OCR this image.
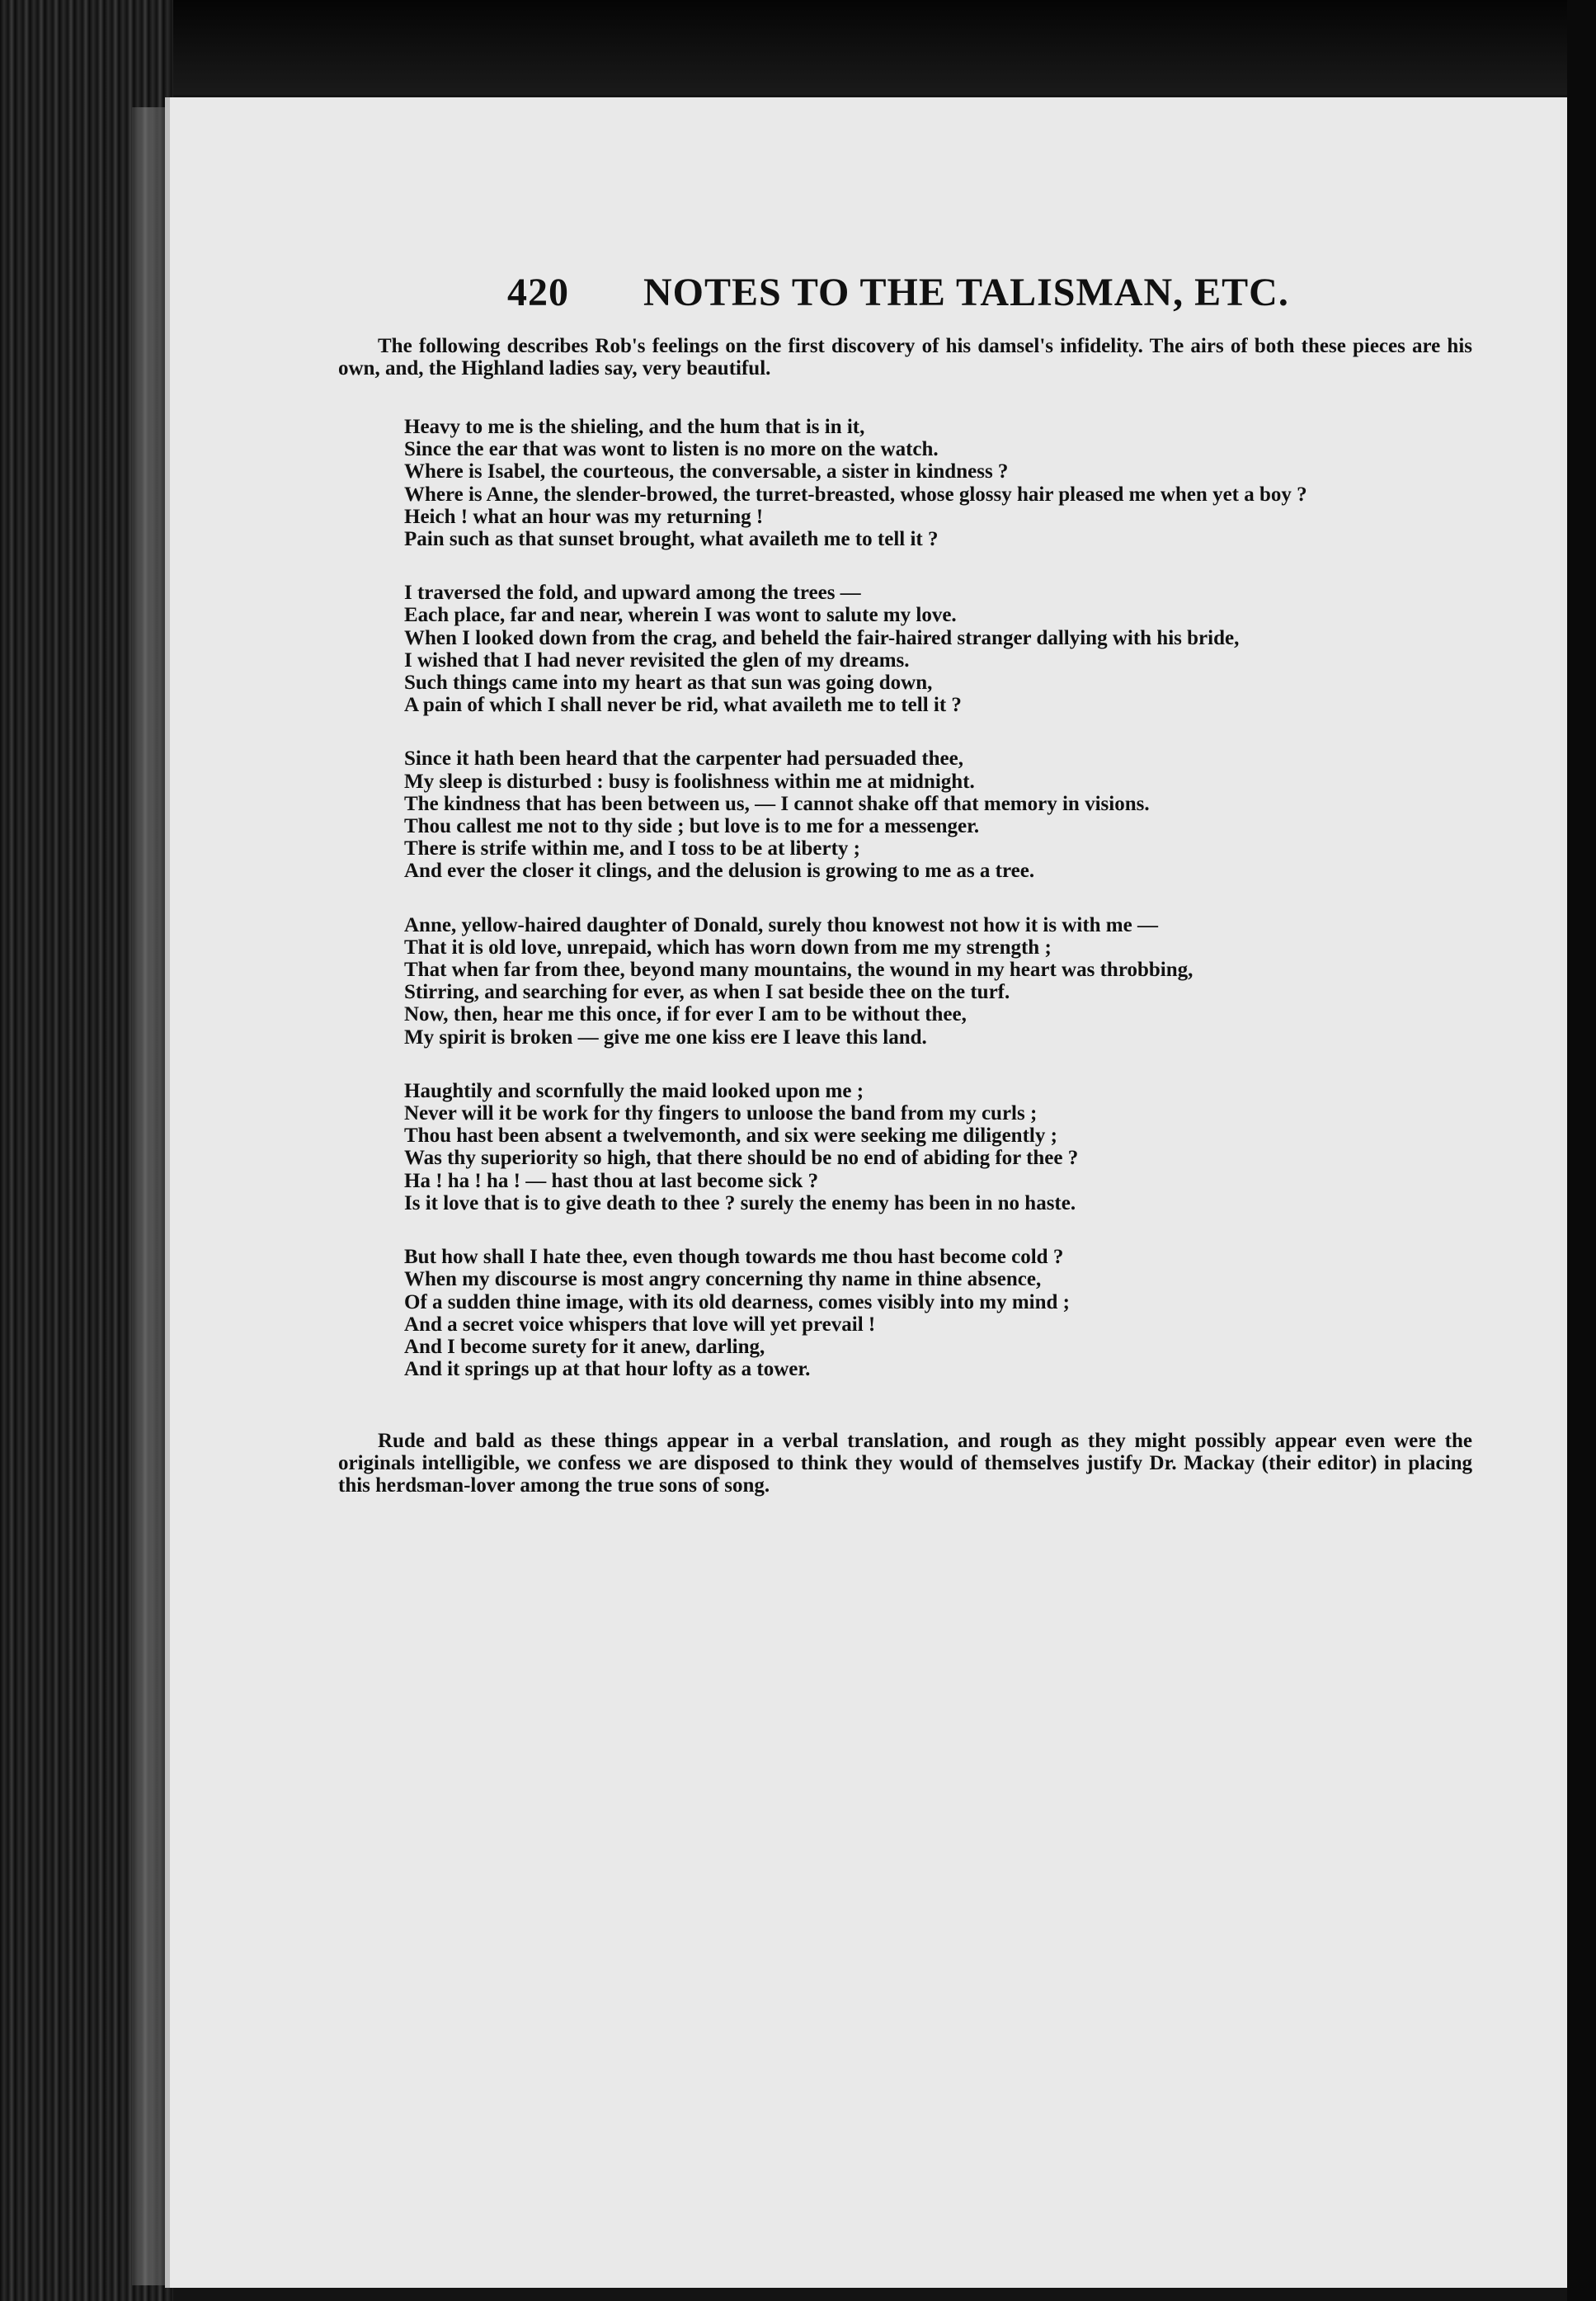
420	NOTES TO THE TALISMAN, ETC.

The following describes Rob's feelings on the first discovery of his damsel's infidelity. The airs of both these pieces are his own, and, the Highland ladies say, very beautiful.

Heavy to me is the shieling, and the hum that is in it,
Since the ear that was wont to listen is no more on the watch.
Where is Isabel, the courteous, the conversable, a sister in kindness ?
Where is Anne, the slender-browed, the turret-breasted, whose glossy hair pleased me when yet a boy ?
Heich ! what an hour was my returning !
Pain such as that sunset brought, what availeth me to tell it ?
I traversed the fold, and upward among the trees —
Each place, far and near, wherein I was wont to salute my love.
When I looked down from the crag, and beheld the fair-haired stranger dallying with his bride,
I wished that I had never revisited the glen of my dreams.
Such things came into my heart as that sun was going down,
A pain of which I shall never be rid, what availeth me to tell it ?
Since it hath been heard that the carpenter had persuaded thee,
My sleep is disturbed : busy is foolishness within me at midnight.
The kindness that has been between us, — I cannot shake off that memory in visions.
Thou callest me not to thy side ; but love is to me for a messenger.
There is strife within me, and I toss to be at liberty ;
And ever the closer it clings, and the delusion is growing to me as a tree.
Anne, yellow-haired daughter of Donald, surely thou knowest not how it is with me —
That it is old love, unrepaid, which has worn down from me my strength ;
That when far from thee, beyond many mountains, the wound in my heart was throbbing,
Stirring, and searching for ever, as when I sat beside thee on the turf.
Now, then, hear me this once, if for ever I am to be without thee,
My spirit is broken — give me one kiss ere I leave this land.
Haughtily and scornfully the maid looked upon me ;
Never will it be work for thy fingers to unloose the band from my curls ;
Thou hast been absent a twelvemonth, and six were seeking me diligently ;
Was thy superiority so high, that there should be no end of abiding for thee ?
Ha ! ha ! ha ! — hast thou at last become sick ?
Is it love that is to give death to thee ? surely the enemy has been in no haste.
But how shall I hate thee, even though towards me thou hast become cold ?
When my discourse is most angry concerning thy name in thine absence,
Of a sudden thine image, with its old dearness, comes visibly into my mind ;
And a secret voice whispers that love will yet prevail !
And I become surety for it anew, darling,
And it springs up at that hour lofty as a tower.

Rude and bald as these things appear in a verbal translation, and rough as they might possibly appear even were the originals intelligible, we confess we are disposed to think they would of themselves justify Dr. Mackay (their editor) in placing this herdsman-lover among the true sons of song.
